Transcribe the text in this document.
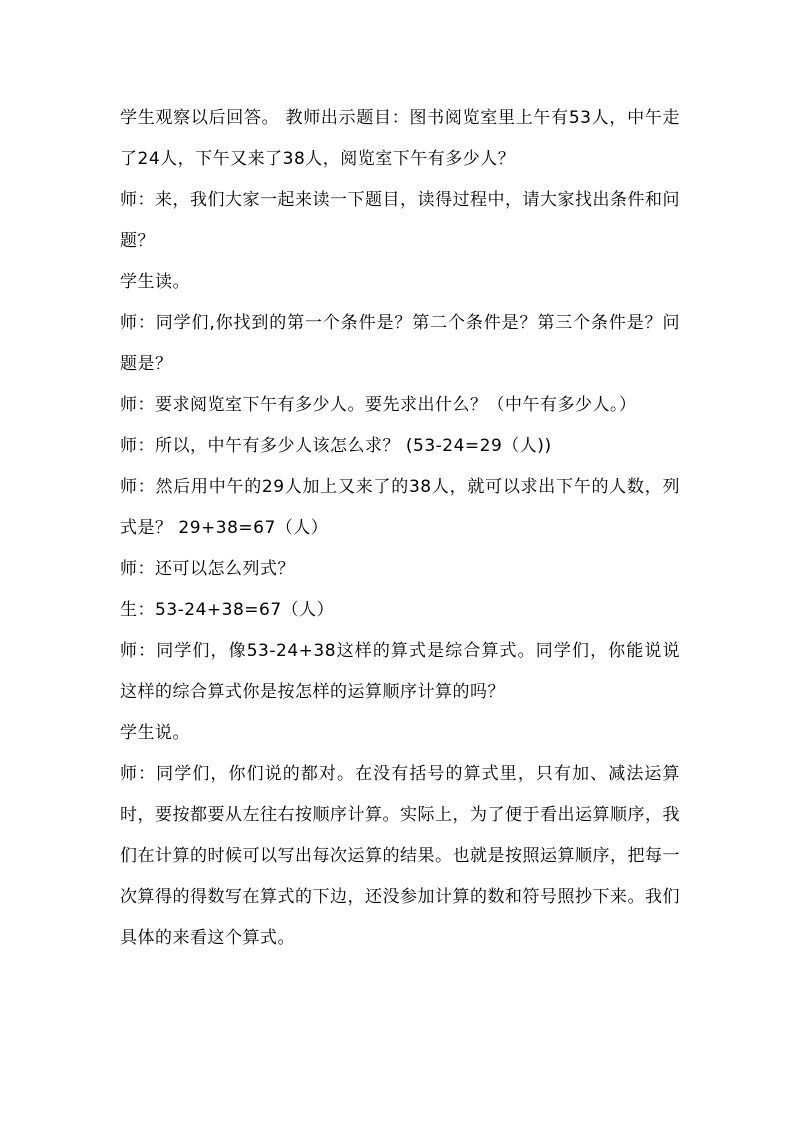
学生观察以后回答。 教师出示题目：图书阅览室里上午有53人，中午走了24人，下午又来了38人，阅览室下午有多少人？

师：来，我们大家一起来读一下题目，读得过程中，请大家找出条件和问题？

学生读。

师：同学们,你找到的第一个条件是？第二个条件是？第三个条件是？问题是？

师：要求阅览室下午有多少人。要先求出什么？（中午有多少人。）

师：所以，中午有多少人该怎么求？ (53-24=29（人))

师：然后用中午的29人加上又来了的38人，就可以求出下午的人数，列式是？ 29+38=67（人）

师：还可以怎么列式？

生：53-24+38=67（人）

师：同学们，像53-24+38这样的算式是综合算式。同学们，你能说说这样的综合算式你是按怎样的运算顺序计算的吗？

学生说。

师：同学们，你们说的都对。在没有括号的算式里，只有加、减法运算时，要按都要从左往右按顺序计算。实际上，为了便于看出运算顺序，我们在计算的时候可以写出每次运算的结果。也就是按照运算顺序，把每一次算得的得数写在算式的下边，还没参加计算的数和符号照抄下来。我们具体的来看这个算式。
